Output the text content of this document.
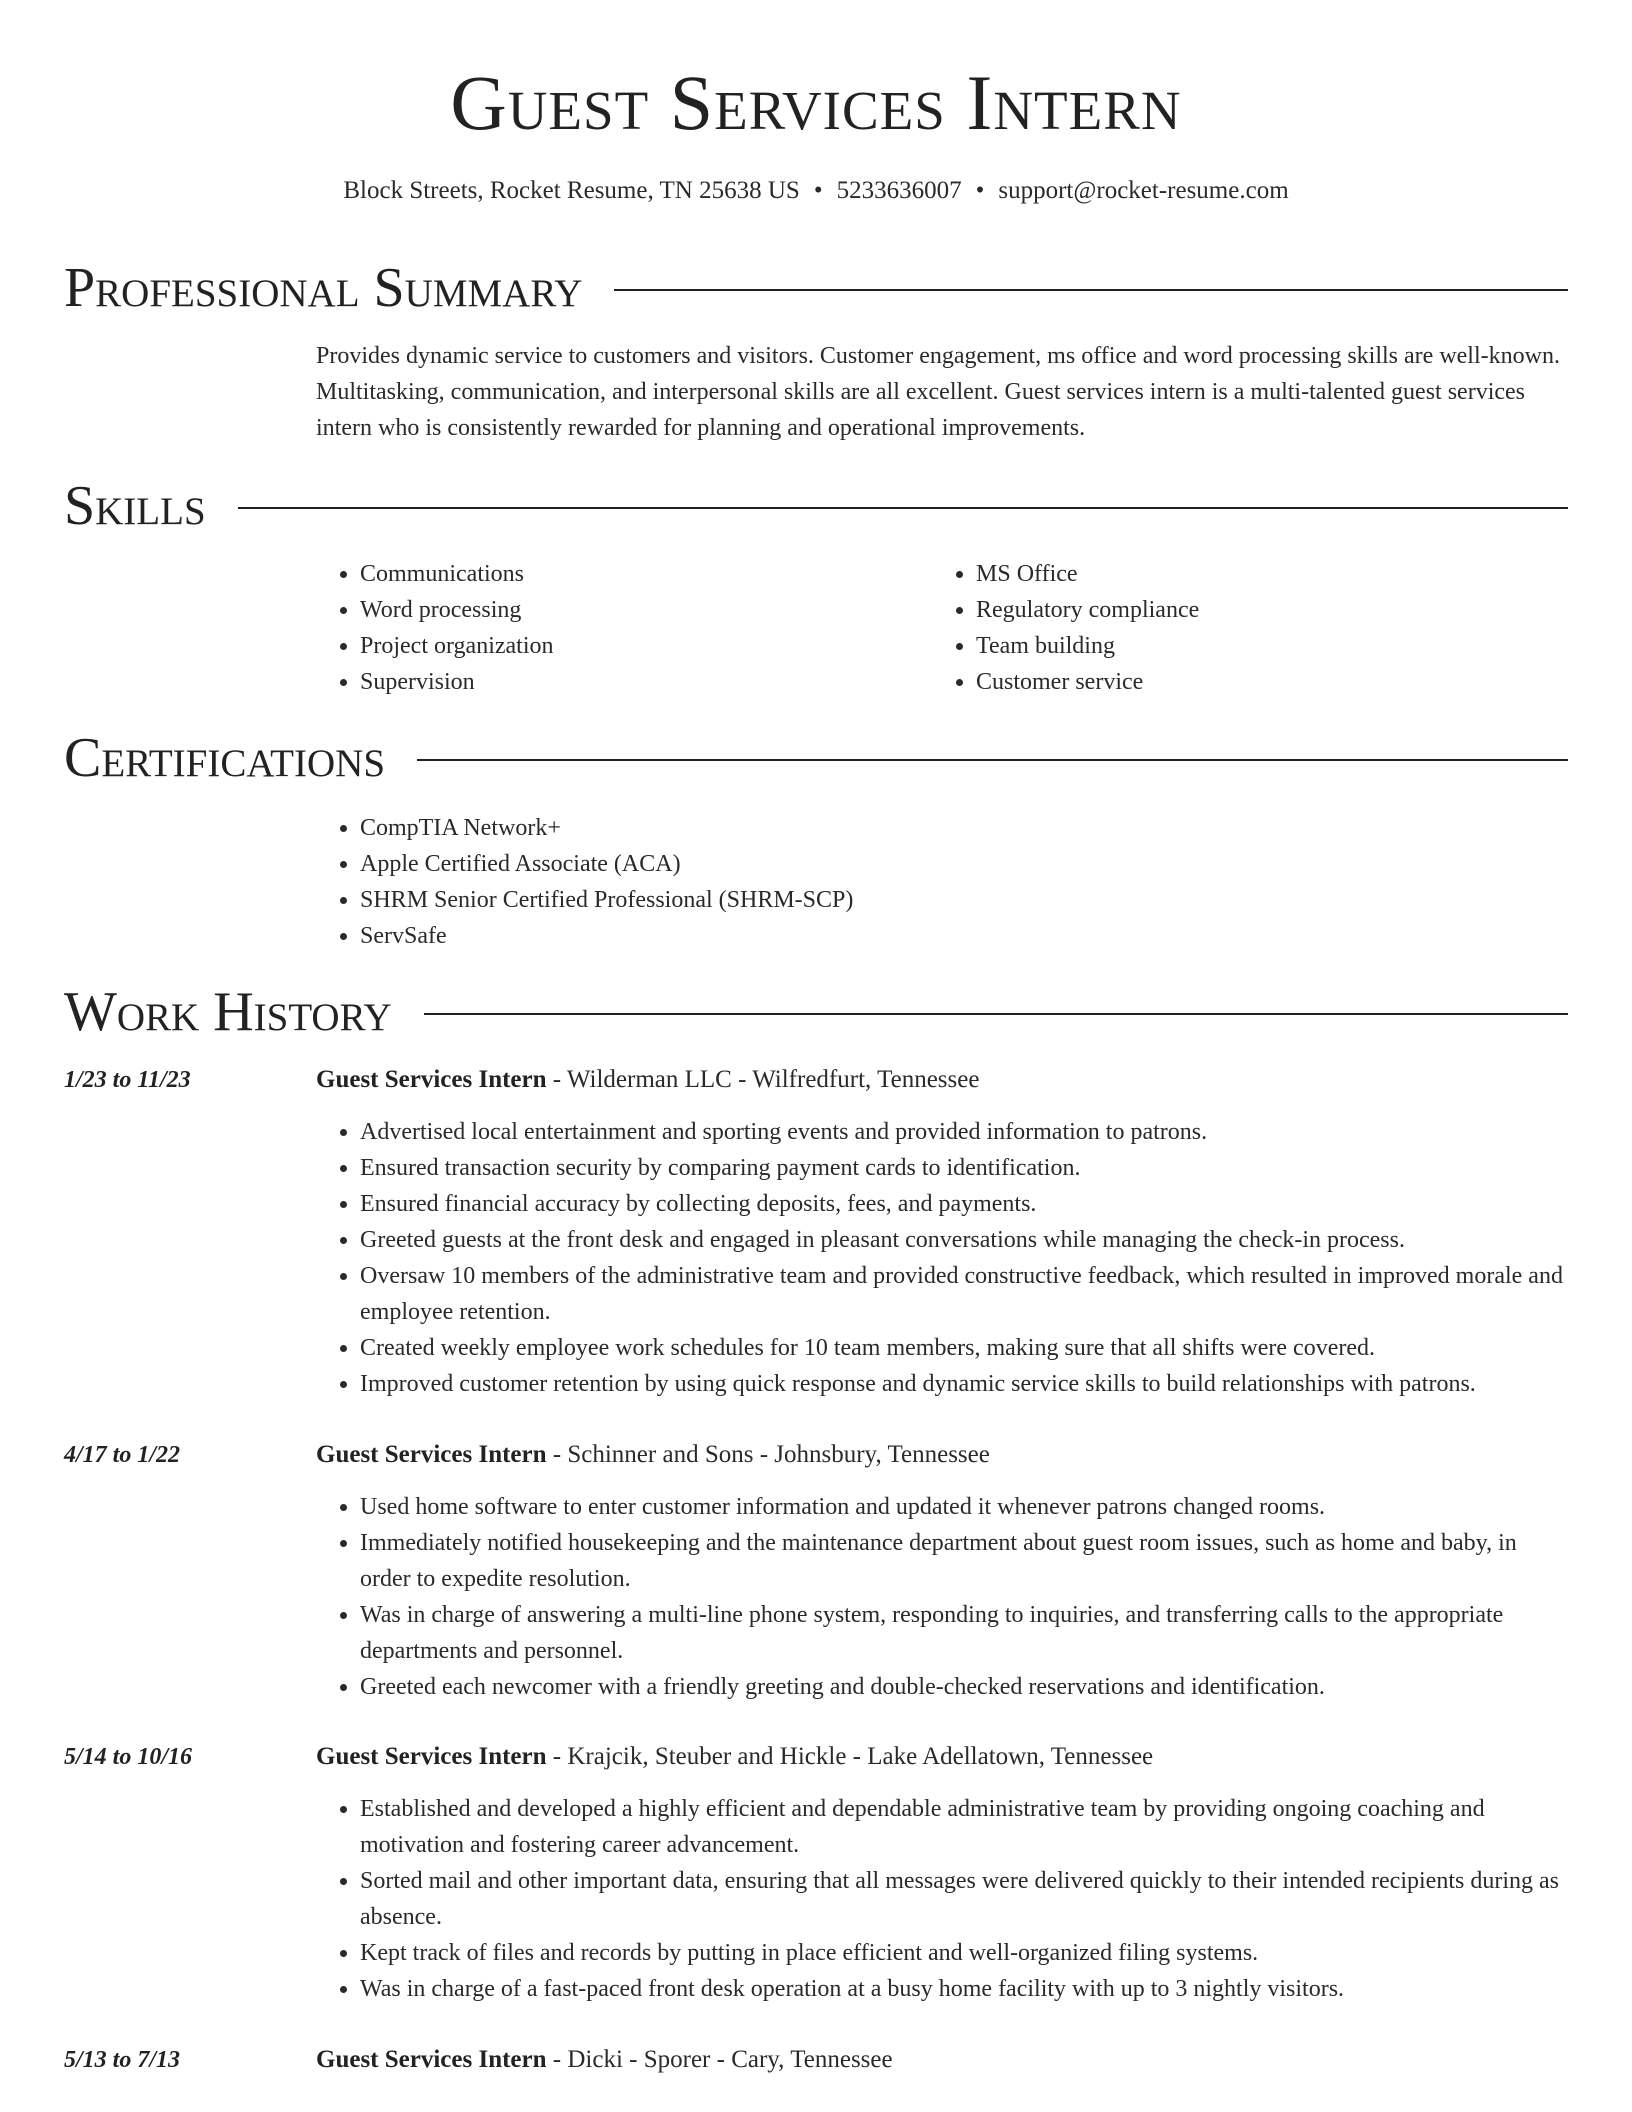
Guest Services Intern
Block Streets, Rocket Resume, TN 25638 US • 5233636007 • support@rocket-resume.com
Professional Summary

Provides dynamic service to customers and visitors. Customer engagement, ms office and word processing skills are well-known. Multitasking, communication, and interpersonal skills are all excellent. Guest services intern is a multi-talented guest services intern who is consistently rewarded for planning and operational improvements.

Skills
• Communications
• Word processing
• Project organization
• Supervision
• MS Office
• Regulatory compliance
• Team building
• Customer service
Certifications
• CompTIA Network+
• Apple Certified Associate (ACA)
• SHRM Senior Certified Professional (SHRM-SCP)
• ServSafe
Work History
1/23 to 11/23	Guest Services Intern - Wilderman LLC - Wilfredfurt, Tennessee
• Advertised local entertainment and sporting events and provided information to patrons.
• Ensured transaction security by comparing payment cards to identification.
• Ensured financial accuracy by collecting deposits, fees, and payments.
• Greeted guests at the front desk and engaged in pleasant conversations while managing the check-in process.
• Oversaw 10 members of the administrative team and provided constructive feedback, which resulted in improved morale and employee retention.
• Created weekly employee work schedules for 10 team members, making sure that all shifts were covered.
• Improved customer retention by using quick response and dynamic service skills to build relationships with patrons.
4/17 to 1/22	Guest Services Intern - Schinner and Sons - Johnsbury, Tennessee
• Used home software to enter customer information and updated it whenever patrons changed rooms.
• Immediately notified housekeeping and the maintenance department about guest room issues, such as home and baby, in order to expedite resolution.
• Was in charge of answering a multi-line phone system, responding to inquiries, and transferring calls to the appropriate departments and personnel.
• Greeted each newcomer with a friendly greeting and double-checked reservations and identification.
5/14 to 10/16	Guest Services Intern - Krajcik, Steuber and Hickle - Lake Adellatown, Tennessee
• Established and developed a highly efficient and dependable administrative team by providing ongoing coaching and motivation and fostering career advancement.
• Sorted mail and other important data, ensuring that all messages were delivered quickly to their intended recipients during as absence.
• Kept track of files and records by putting in place efficient and well-organized filing systems.
• Was in charge of a fast-paced front desk operation at a busy home facility with up to 3 nightly visitors.
5/13 to 7/13	Guest Services Intern - Dicki - Sporer - Cary, Tennessee
